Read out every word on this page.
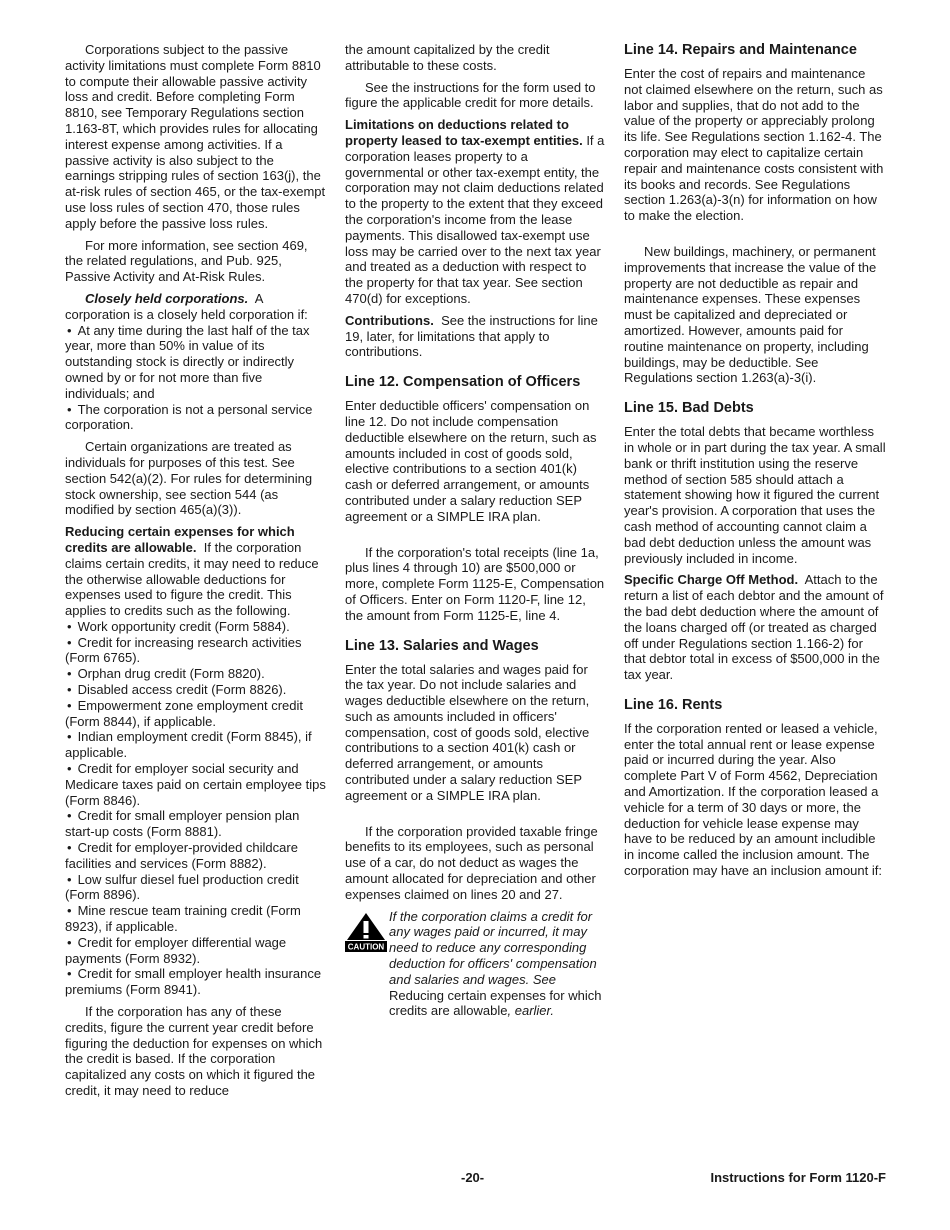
Corporations subject to the passive activity limitations must complete Form 8810 to compute their allowable passive activity loss and credit. Before completing Form 8810, see Temporary Regulations section 1.163-8T, which provides rules for allocating interest expense among activities. If a passive activity is also subject to the earnings stripping rules of section 163(j), the at-risk rules of section 465, or the tax-exempt use loss rules of section 470, those rules apply before the passive loss rules.

For more information, see section 469, the related regulations, and Pub. 925, Passive Activity and At-Risk Rules.

Closely held corporations. A corporation is a closely held corporation if:

• At any time during the last half of the tax year, more than 50% in value of its outstanding stock is directly or indirectly owned by or for not more than five individuals; and
• The corporation is not a personal service corporation.

Certain organizations are treated as individuals for purposes of this test. See section 542(a)(2). For rules for determining stock ownership, see section 544 (as modified by section 465(a)(3)).

Reducing certain expenses for which credits are allowable. If the corporation claims certain credits, it may need to reduce the otherwise allowable deductions for expenses used to figure the credit. This applies to credits such as the following.

• Work opportunity credit (Form 5884).
• Credit for increasing research activities (Form 6765).
• Orphan drug credit (Form 8820).
• Disabled access credit (Form 8826).
• Empowerment zone employment credit (Form 8844), if applicable.
• Indian employment credit (Form 8845), if applicable.
• Credit for employer social security and Medicare taxes paid on certain employee tips (Form 8846).
• Credit for small employer pension plan start-up costs (Form 8881).
• Credit for employer-provided childcare facilities and services (Form 8882).
• Low sulfur diesel fuel production credit (Form 8896).
• Mine rescue team training credit (Form 8923), if applicable.
• Credit for employer differential wage payments (Form 8932).
• Credit for small employer health insurance premiums (Form 8941).

If the corporation has any of these credits, figure the current year credit before figuring the deduction for expenses on which the credit is based. If the corporation capitalized any costs on which it figured the credit, it may need to reduce

the amount capitalized by the credit attributable to these costs.

See the instructions for the form used to figure the applicable credit for more details.

Limitations on deductions related to property leased to tax-exempt entities. If a corporation leases property to a governmental or other tax-exempt entity, the corporation may not claim deductions related to the property to the extent that they exceed the corporation's income from the lease payments. This disallowed tax-exempt use loss may be carried over to the next tax year and treated as a deduction with respect to the property for that tax year. See section 470(d) for exceptions.

Contributions. See the instructions for line 19, later, for limitations that apply to contributions.

Line 12. Compensation of Officers

Enter deductible officers' compensation on line 12. Do not include compensation deductible elsewhere on the return, such as amounts included in cost of goods sold, elective contributions to a section 401(k) cash or deferred arrangement, or amounts contributed under a salary reduction SEP agreement or a SIMPLE IRA plan.

If the corporation's total receipts (line 1a, plus lines 4 through 10) are $500,000 or more, complete Form 1125-E, Compensation of Officers. Enter on Form 1120-F, line 12, the amount from Form 1125-E, line 4.

Line 13. Salaries and Wages

Enter the total salaries and wages paid for the tax year. Do not include salaries and wages deductible elsewhere on the return, such as amounts included in officers' compensation, cost of goods sold, elective contributions to a section 401(k) cash or deferred arrangement, or amounts contributed under a salary reduction SEP agreement or a SIMPLE IRA plan.

If the corporation provided taxable fringe benefits to its employees, such as personal use of a car, do not deduct as wages the amount allocated for depreciation and other expenses claimed on lines 20 and 27.

CAUTION
If the corporation claims a credit for any wages paid or incurred, it may need to reduce any corresponding deduction for officers' compensation and salaries and wages. See Reducing certain expenses for which credits are allowable, earlier.
Line 14. Repairs and Maintenance

Enter the cost of repairs and maintenance not claimed elsewhere on the return, such as labor and supplies, that do not add to the value of the property or appreciably prolong its life. See Regulations section 1.162-4. The corporation may elect to capitalize certain repair and maintenance costs consistent with its books and records. See Regulations section 1.263(a)-3(n) for information on how to make the election.

New buildings, machinery, or permanent improvements that increase the value of the property are not deductible as repair and maintenance expenses. These expenses must be capitalized and depreciated or amortized. However, amounts paid for routine maintenance on property, including buildings, may be deductible. See Regulations section 1.263(a)-3(i).

Line 15. Bad Debts

Enter the total debts that became worthless in whole or in part during the tax year. A small bank or thrift institution using the reserve method of section 585 should attach a statement showing how it figured the current year's provision. A corporation that uses the cash method of accounting cannot claim a bad debt deduction unless the amount was previously included in income.

Specific Charge Off Method. Attach to the return a list of each debtor and the amount of the bad debt deduction where the amount of the loans charged off (or treated as charged off under Regulations section 1.166-2) for that debtor total in excess of $500,000 in the tax year.

Line 16. Rents

If the corporation rented or leased a vehicle, enter the total annual rent or lease expense paid or incurred during the year. Also complete Part V of Form 4562, Depreciation and Amortization. If the corporation leased a vehicle for a term of 30 days or more, the deduction for vehicle lease expense may have to be reduced by an amount includible in income called the inclusion amount. The corporation may have an inclusion amount if:

-20-	Instructions for Form 1120-F
